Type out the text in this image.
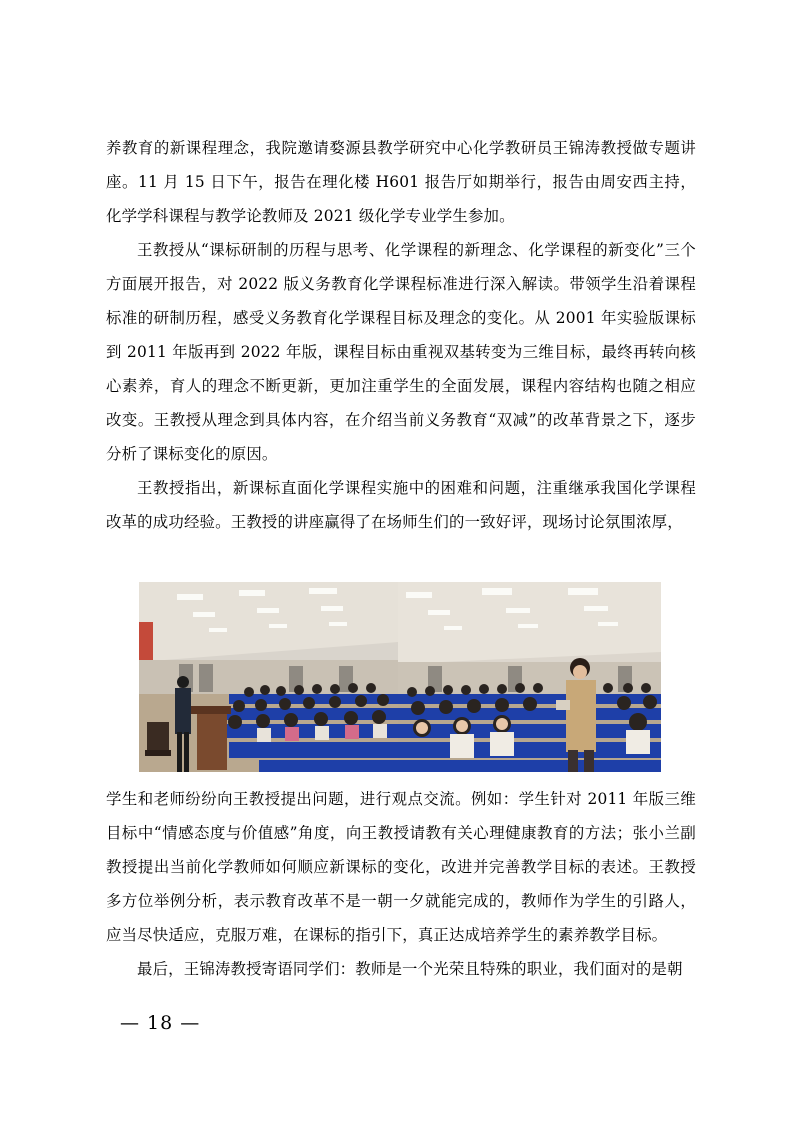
养教育的新课程理念，我院邀请婺源县教学研究中心化学教研员王锦涛教授做专题讲座。11 月 15 日下午，报告在理化楼 H601 报告厅如期举行，报告由周安西主持，化学学科课程与教学论教师及 2021 级化学专业学生参加。

王教授从“课标研制的历程与思考、化学课程的新理念、化学课程的新变化”三个方面展开报告，对 2022 版义务教育化学课程标准进行深入解读。带领学生沿着课程标准的研制历程，感受义务教育化学课程目标及理念的变化。从 2001 年实验版课标到 2011 年版再到 2022 年版，课程目标由重视双基转变为三维目标，最终再转向核心素养，育人的理念不断更新，更加注重学生的全面发展，课程内容结构也随之相应改变。王教授从理念到具体内容，在介绍当前义务教育“双减”的改革背景之下，逐步分析了课标变化的原因。

王教授指出，新课标直面化学课程实施中的困难和问题，注重继承我国化学课程改革的成功经验。王教授的讲座赢得了在场师生们的一致好评，现场讨论氛围浓厚，

学生和老师纷纷向王教授提出问题，进行观点交流。例如：学生针对 2011 年版三维目标中“情感态度与价值感”角度，向王教授请教有关心理健康教育的方法；张小兰副教授提出当前化学教师如何顺应新课标的变化，改进并完善教学目标的表述。王教授多方位举例分析，表示教育改革不是一朝一夕就能完成的，教师作为学生的引路人，应当尽快适应，克服万难，在课标的指引下，真正达成培养学生的素养教学目标。

最后，王锦涛教授寄语同学们：教师是一个光荣且特殊的职业，我们面对的是朝

— 18 —
